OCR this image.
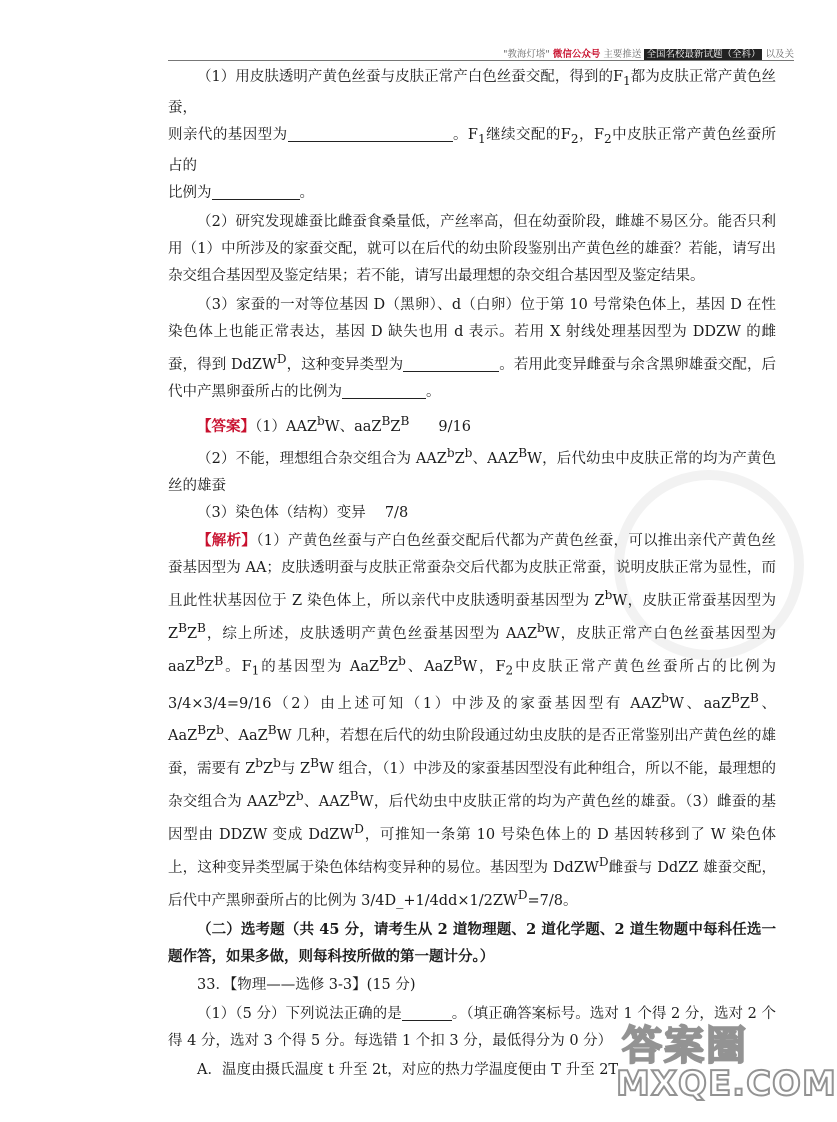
"教海灯塔" 微信公众号 主要推送 全国名校最新试题（全科） 以及关

（1）用皮肤透明产黄色丝蚕与皮肤正常产白色丝蚕交配，得到的$F_1$都为皮肤正常产黄色丝蚕，

则亲代的基因型为	。$F_1$继续交配的$F_2$，$F_2$中皮肤正常产黄色丝蚕所占的

比例为	。

（2）研究发现雄蚕比雌蚕食桑量低，产丝率高，但在幼蚕阶段，雌雄不易区分。能否只利用（1）中所涉及的家蚕交配，就可以在后代的幼虫阶段鉴别出产黄色丝的雄蚕？若能，请写出杂交组合基因型及鉴定结果；若不能，请写出最理想的杂交组合基因型及鉴定结果。

（3）家蚕的一对等位基因 D（黑卵）、d（白卵）位于第 10 号常染色体上，基因 D 在性染色体上也能正常表达，基因 D 缺失也用 d 表示。若用 X 射线处理基因型为 DDZW 的雌蚕，得到 DdZW$^D$，这种变异类型为	。若用此变异雌蚕与余含黑卵雄蚕交配，后代中产黑卵蚕所占的比例为	。

【答案】（1）AAZ$^b$W、$aaZ^BZ^B$　　9/16

（2）不能，理想组合杂交组合为 $AAZ^bZ^b$、$AAZ^BW$，后代幼虫中皮肤正常的均为产黄色丝的雄蚕

（3）染色体（结构）变异　 7/8

【解析】（1）产黄色丝蚕与产白色丝蚕交配后代都为产黄色丝蚕，可以推出亲代产黄色丝蚕基因型为 AA；皮肤透明蚕与皮肤正常蚕杂交后代都为皮肤正常蚕，说明皮肤正常为显性，而且此性状基因位于 Z 染色体上，所以亲代中皮肤透明蚕基因型为 $Z^bW$，皮肤正常蚕基因型为 $Z^BZ^B$，综上所述，皮肤透明产黄色丝蚕基因型为 AAZ$^b$W，皮肤正常产白色丝蚕基因型为 $aaZ^BZ^B$。$F_1$的基因型为 $AaZ^BZ^b$、AaZ$^B$W，$F_2$中皮肤正常产黄色丝蚕所占的比例为 3/4×3/4=9/16（2）由上述可知（1）中涉及的家蚕基因型有 AAZ$^b$W、$aaZ^BZ^B$、$AaZ^BZ^b$、AaZ$^B$W 几种，若想在后代的幼虫阶段通过幼虫皮肤的是否正常鉴别出产黄色丝的雄蚕，需要有 $Z^bZ^b$与 $Z^BW$ 组合，（1）中涉及的家蚕基因型没有此种组合，所以不能，最理想的杂交组合为 $AAZ^bZ^b$、$AAZ^BW$，后代幼虫中皮肤正常的均为产黄色丝的雄蚕。（3）雌蚕的基因型由 DDZW 变成 DdZW$^D$，可推知一条第 10 号染色体上的 D 基因转移到了 W 染色体上，这种变异类型属于染色体结构变异种的易位。基因型为 DdZW$^D$雌蚕与 DdZZ 雄蚕交配，后代中产黑卵蚕所占的比例为 $3/4D\_+1/4dd\times 1/2ZW^D=7/8$。

（二）选考题（共 45 分，请考生从 2 道物理题、2 道化学题、2 道生物题中每科任选一题作答，如果多做，则每科按所做的第一题计分。）

33．【物理——选修 3-3】(15 分)

（1）（5 分）下列说法正确的是	。（填正确答案标号。选对 1 个得 2 分，选对 2 个得 4 分，选对 3 个得 5 分。每选错 1 个扣 3 分，最低得分为 0 分）

A．温度由摄氏温度 t 升至 2t，对应的热力学温度便由 T 升至 2T

答案圈
MXQE.COM
